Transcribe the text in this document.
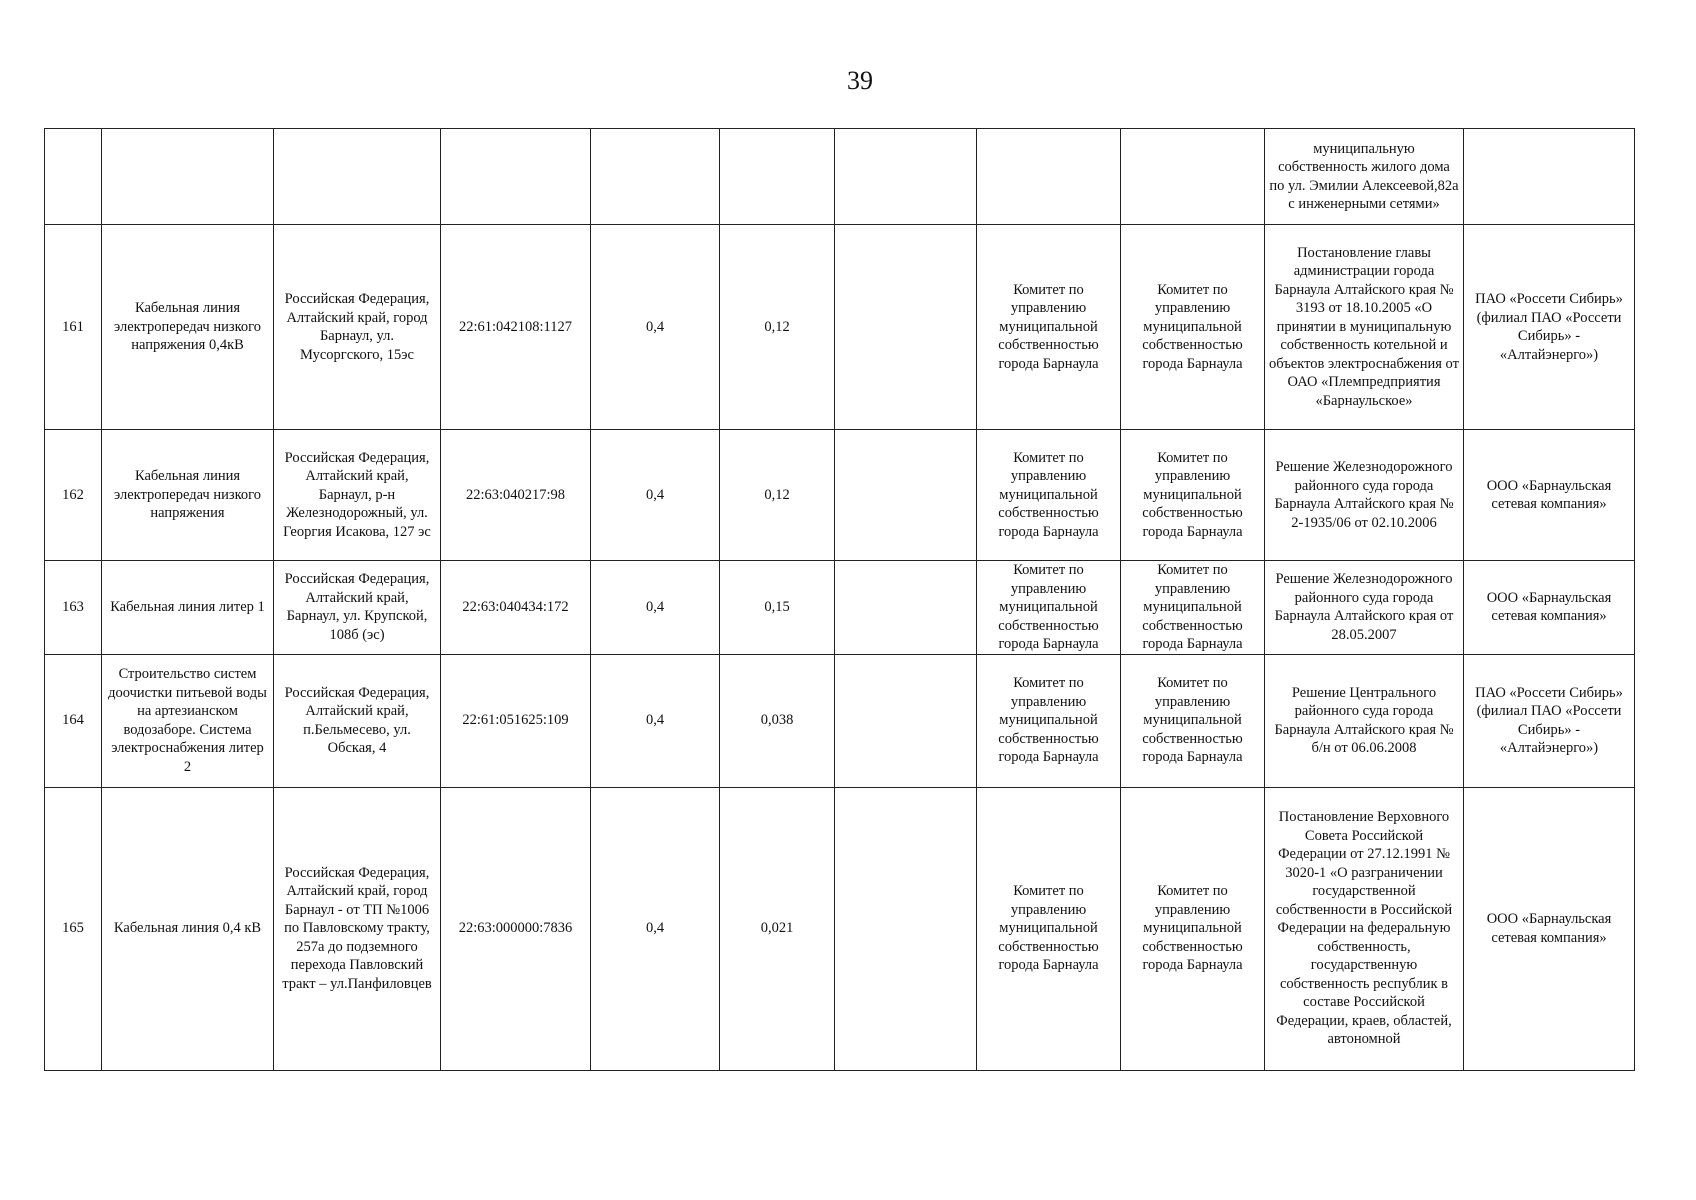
39
									муниципальную собственность жилого дома по ул. Эмилии Алексеевой,82а с инженерными сетями»	
161	Кабельная линия электропередач низкого напряжения 0,4кВ	Российская Федерация, Алтайский край, город Барнаул, ул. Мусоргского, 15эс	22:61:042108:1127	0,4	0,12		Комитет по управлению муниципальной собственностью города Барнаула	Комитет по управлению муниципальной собственностью города Барнаула	Постановление главы администрации города Барнаула Алтайского края № 3193 от 18.10.2005 «О принятии в муниципальную собственность котельной и объектов электроснабжения от ОАО «Племпредприятия «Барнаульское»	ПАО «Россети Сибирь» (филиал ПАО «Россети Сибирь» - «Алтайэнерго»)
162	Кабельная линия электропередач низкого напряжения	Российская Федерация, Алтайский край, Барнаул, р-н Железнодорожный, ул. Георгия Исакова, 127 эс	22:63:040217:98	0,4	0,12		Комитет по управлению муниципальной собственностью города Барнаула	Комитет по управлению муниципальной собственностью города Барнаула	Решение Железнодорожного районного суда города Барнаула Алтайского края № 2-1935/06 от 02.10.2006	ООО «Барнаульская сетевая компания»
163	Кабельная линия литер 1	Российская Федерация, Алтайский край, Барнаул, ул. Крупской, 108б (эс)	22:63:040434:172	0,4	0,15		Комитет по управлению муниципальной собственностью города Барнаула	Комитет по управлению муниципальной собственностью города Барнаула	Решение Железнодорожного районного суда города Барнаула Алтайского края от 28.05.2007	ООО «Барнаульская сетевая компания»
164	Строительство систем доочистки питьевой воды на артезианском водозаборе. Система электроснабжения литер 2	Российская Федерация, Алтайский край, п.Бельмесево, ул. Обская, 4	22:61:051625:109	0,4	0,038		Комитет по управлению муниципальной собственностью города Барнаула	Комитет по управлению муниципальной собственностью города Барнаула	Решение Центрального районного суда города Барнаула Алтайского края № б/н от 06.06.2008	ПАО «Россети Сибирь» (филиал ПАО «Россети Сибирь» - «Алтайэнерго»)
165	Кабельная линия 0,4 кВ	Российская Федерация, Алтайский край, город Барнаул - от ТП №1006 по Павловскому тракту, 257а до подземного перехода Павловский тракт – ул.Панфиловцев	22:63:000000:7836	0,4	0,021		Комитет по управлению муниципальной собственностью города Барнаула	Комитет по управлению муниципальной собственностью города Барнаула	Постановление Верховного Совета Российской Федерации от 27.12.1991 № 3020-1 «О разграничении государственной собственности в Российской Федерации на федеральную собственность, государственную собственность республик в составе Российской Федерации, краев, областей, автономной	ООО «Барнаульская сетевая компания»
